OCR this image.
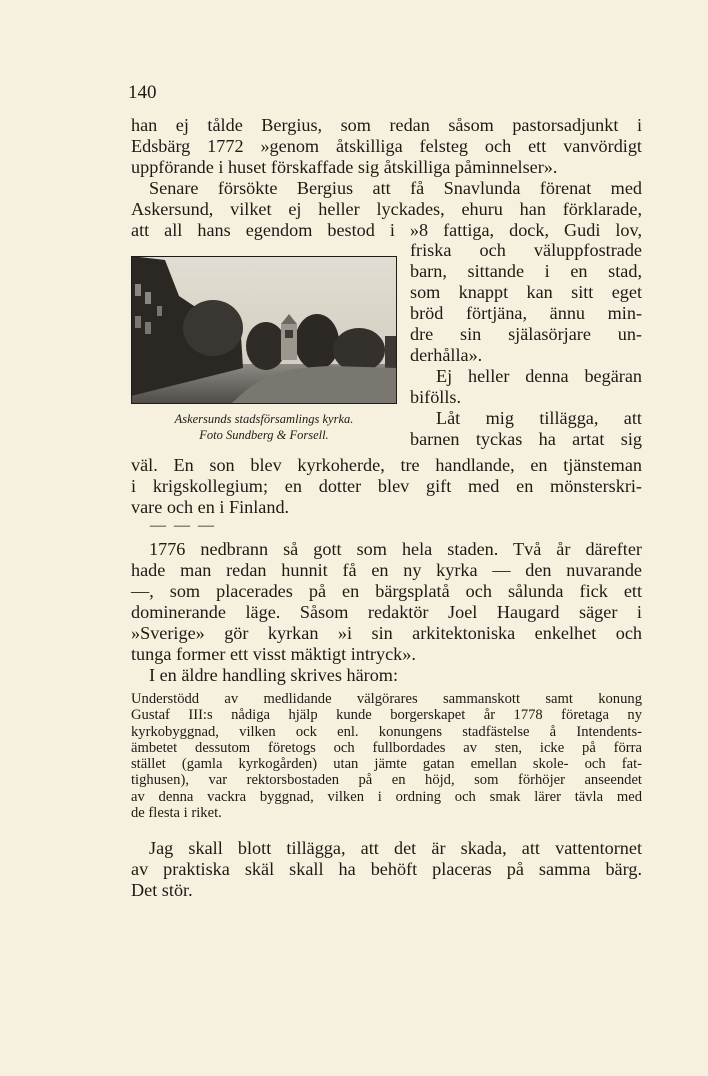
140
han ej tålde Bergius, som redan såsom pastorsadjunkt i
Edsbärg 1772 »genom åtskilliga felsteg och ett vanvördigt
uppförande i huset förskaffade sig åtskilliga påminnelser».
Senare försökte Bergius att få Snavlunda förenat med
Askersund, vilket ej heller lyckades, ehuru han förklarade,
att all hans egendom bestod i »8 fattiga, dock, Gudi lov,
Askersunds stadsförsamlings kyrka.
Foto Sundberg & Forsell.
friska och väluppfostrade
barn, sittande i en stad,
som knappt kan sitt eget
bröd förtjäna, ännu min-
dre sin själasörjare un-
derhålla».
Ej heller denna begäran
bifölls.
Låt mig tillägga, att
barnen tyckas ha artat sig
väl. En son blev kyrkoherde, tre handlande, en tjänsteman
i krigskollegium; en dotter blev gift med en mönsterskri-
vare och en i Finland.
— — —
1776 nedbrann så gott som hela staden. Två år därefter
hade man redan hunnit få en ny kyrka — den nuvarande
—, som placerades på en bärgsplatå och sålunda fick ett
dominerande läge. Såsom redaktör Joel Haugard säger i
»Sverige» gör kyrkan »i sin arkitektoniska enkelhet och
tunga former ett visst mäktigt intryck».
I en äldre handling skrives härom:
Understödd av medlidande välgörares sammanskott samt konung
Gustaf III:s nådiga hjälp kunde borgerskapet år 1778 företaga ny
kyrkobyggnad, vilken ock enl. konungens stadfästelse å Intendents-
ämbetet dessutom företogs och fullbordades av sten, icke på förra
stället (gamla kyrkogården) utan jämte gatan emellan skole- och fat-
tighusen), var rektorsbostaden på en höjd, som förhöjer anseendet
av denna vackra byggnad, vilken i ordning och smak lärer tävla med
de flesta i riket.
Jag skall blott tillägga, att det är skada, att vattentornet
av praktiska skäl skall ha behöft placeras på samma bärg.
Det stör.
